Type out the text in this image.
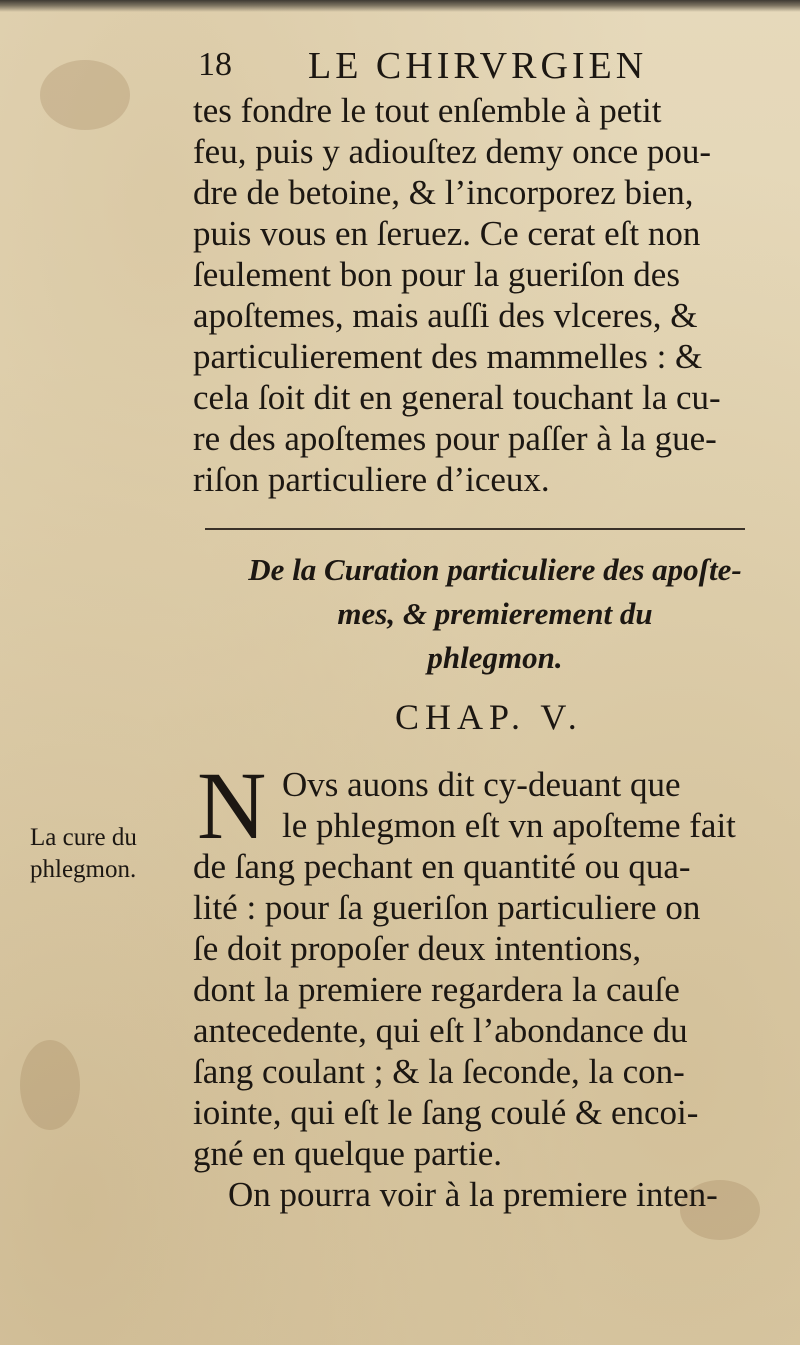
18 LE CHIRVRGIEN
tes fondre le tout enſemble à petit
feu, puis y adiouſtez demy once pou-
dre de betoine, & l’incorporez bien,
puis vous en ſeruez. Ce cerat eſt non
ſeulement bon pour la gueriſon des
apoſtemes, mais auſſi des vlceres, &
particulierement des mammelles : &
cela ſoit dit en general touchant la cu-
re des apoſtemes pour paſſer à la gue-
riſon particuliere d’iceux.
De la Curation particuliere des apoſte-
mes, & premierement du
phlegmon.
CHAP. V.
N Ovs auons dit cy-deuant que
le phlegmon eſt vn apoſteme fait
de ſang pechant en quantité ou qua-
lité : pour ſa gueriſon particuliere on
ſe doit propoſer deux intentions,
dont la premiere regardera la cauſe
antecedente, qui eſt l’abondance du
ſang coulant ; & la ſeconde, la con-
iointe, qui eſt le ſang coulé & encoi-
gné en quelque partie.
On pourra voir à la premiere inten-
La cure du
phlegmon.
